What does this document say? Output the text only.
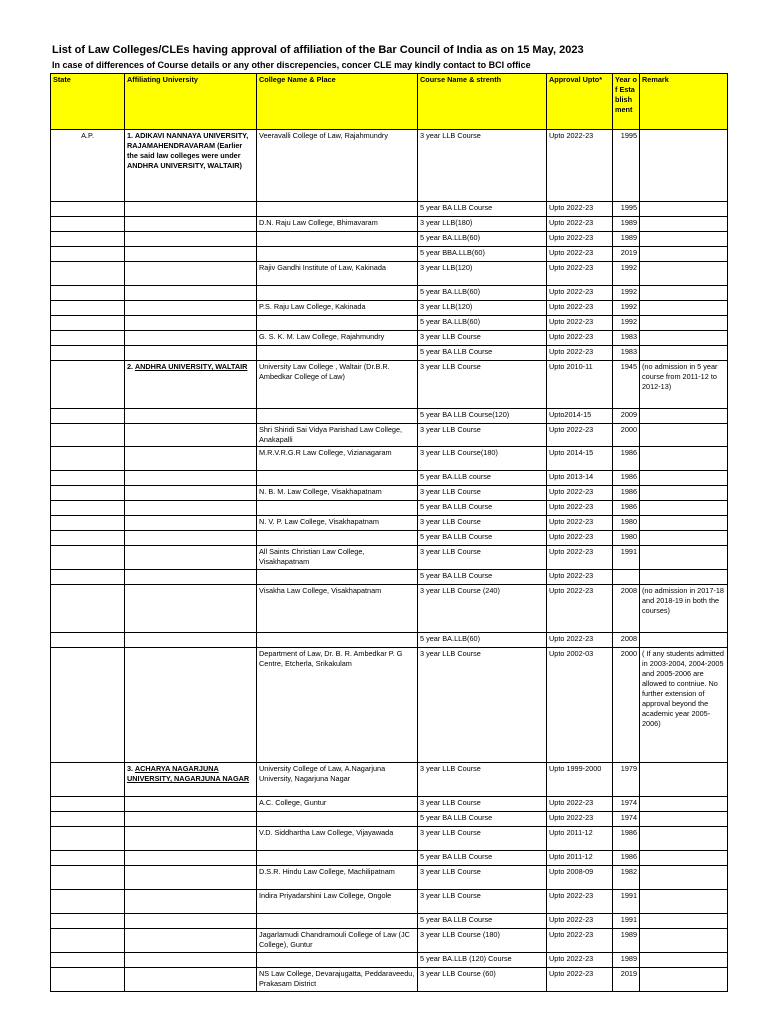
List of Law Colleges/CLEs having approval of affiliation of the Bar Council of India as on 15 May, 2023
In case of differences of Course details or any other discrepencies, concer CLE may kindly contact to BCI office
State	Affiliating University	College Name & Place	Course Name & strenth	Approval Upto*	Year of Establishment	Remark
A.P.	1. ADIKAVI NANNAYA UNIVERSITY, RAJAMAHENDRAVARAM (Earlier the said law colleges were under ANDHRA UNIVERSITY, WALTAIR)	Veeravalli College of Law, Rajahmundry	3 year LLB Course	Upto 2022-23	1995	
			5 year BA LLB Course	Upto 2022-23	1995	
		D.N. Raju Law College, Bhimavaram	3 year LLB(180)	Upto 2022-23	1989	
			5 year BA.LLB(60)	Upto 2022-23	1989	
			5 year BBA.LLB(60)	Upto 2022-23	2019	
		Rajiv Gandhi Institute of Law, Kakinada	3 year LLB(120)	Upto 2022-23	1992	
			5 year BA.LLB(60)	Upto 2022-23	1992	
		P.S. Raju Law College, Kakinada	3 year LLB(120)	Upto 2022-23	1992	
			5 year BA.LLB(60)	Upto 2022-23	1992	
		G. S. K. M. Law College, Rajahmundry	3 year LLB Course	Upto 2022-23	1983	
			5 year BA LLB Course	Upto 2022-23	1983	
	2. ANDHRA UNIVERSITY, WALTAIR	University Law College , Waltair (Dr.B.R. Ambedkar College of Law)	3 year LLB Course	Upto 2010-11	1945	(no admission in 5 year course from 2011-12 to 2012-13)
			5 year BA LLB Course(120)	Upto2014-15	2009	
		Shri Shiridi Sai Vidya Parishad Law College, Anakapalli	3 year LLB Course	Upto 2022-23	2000	
		M.R.V.R.G.R Law College, Vizianagaram	3 year LLB Course(180)	Upto 2014-15	1986	
			5 year BA.LLB course	Upto 2013-14	1986	
		N. B. M. Law College, Visakhapatnam	3 year LLB Course	Upto 2022-23	1986	
			5 year BA LLB Course	Upto 2022-23	1986	
		N. V. P. Law College, Visakhapatnam	3 year LLB Course	Upto 2022-23	1980	
			5 year BA LLB Course	Upto 2022-23	1980	
		All Saints Christian Law College, Visakhapatnam	3 year LLB Course	Upto 2022-23	1991	
			5 year BA LLB Course	Upto 2022-23		
		Visakha Law College, Visakhapatnam	3 year LLB Course (240)	Upto 2022-23	2008	(no admission in 2017-18 and 2018-19 in both the courses)
			5 year BA.LLB(60)	Upto 2022-23	2008	
		Department of Law, Dr. B. R. Ambedkar P. G Centre, Etcherla, Srikakulam	3 year LLB Course	Upto 2002-03	2000	( If any students admitted in 2003-2004, 2004-2005 and 2005-2006 are allowed to contniue. No further extension of approval beyond the academic year 2005-2006)
	3. ACHARYA NAGARJUNA UNIVERSITY, NAGARJUNA NAGAR	University College of Law, A.Nagarjuna University, Nagarjuna Nagar	3 year LLB Course	Upto 1999-2000	1979	
		A.C. College, Guntur	3 year LLB Course	Upto 2022-23	1974	
			5 year BA LLB Course	Upto 2022-23	1974	
		V.D. Siddhartha Law College, Vijayawada	3 year LLB Course	Upto 2011-12	1986	
			5 year BA LLB Course	Upto 2011-12	1986	
		D.S.R. Hindu Law College, Machilipatnam	3 year LLB Course	Upto 2008-09	1982	
		Indira Priyadarshini Law College, Ongole	3 year LLB Course	Upto 2022-23	1991	
			5 year BA LLB Course	Upto 2022-23	1991	
		Jagarlamudi Chandramouli College of Law (JC College), Guntur	3 year LLB Course (180)	Upto 2022-23	1989	
			5 year BA.LLB (120) Course	Upto 2022-23	1989	
		NS Law College, Devarajugatta, Peddaraveedu, Prakasam District	3 year LLB Course (60)	Upto 2022-23	2019	
